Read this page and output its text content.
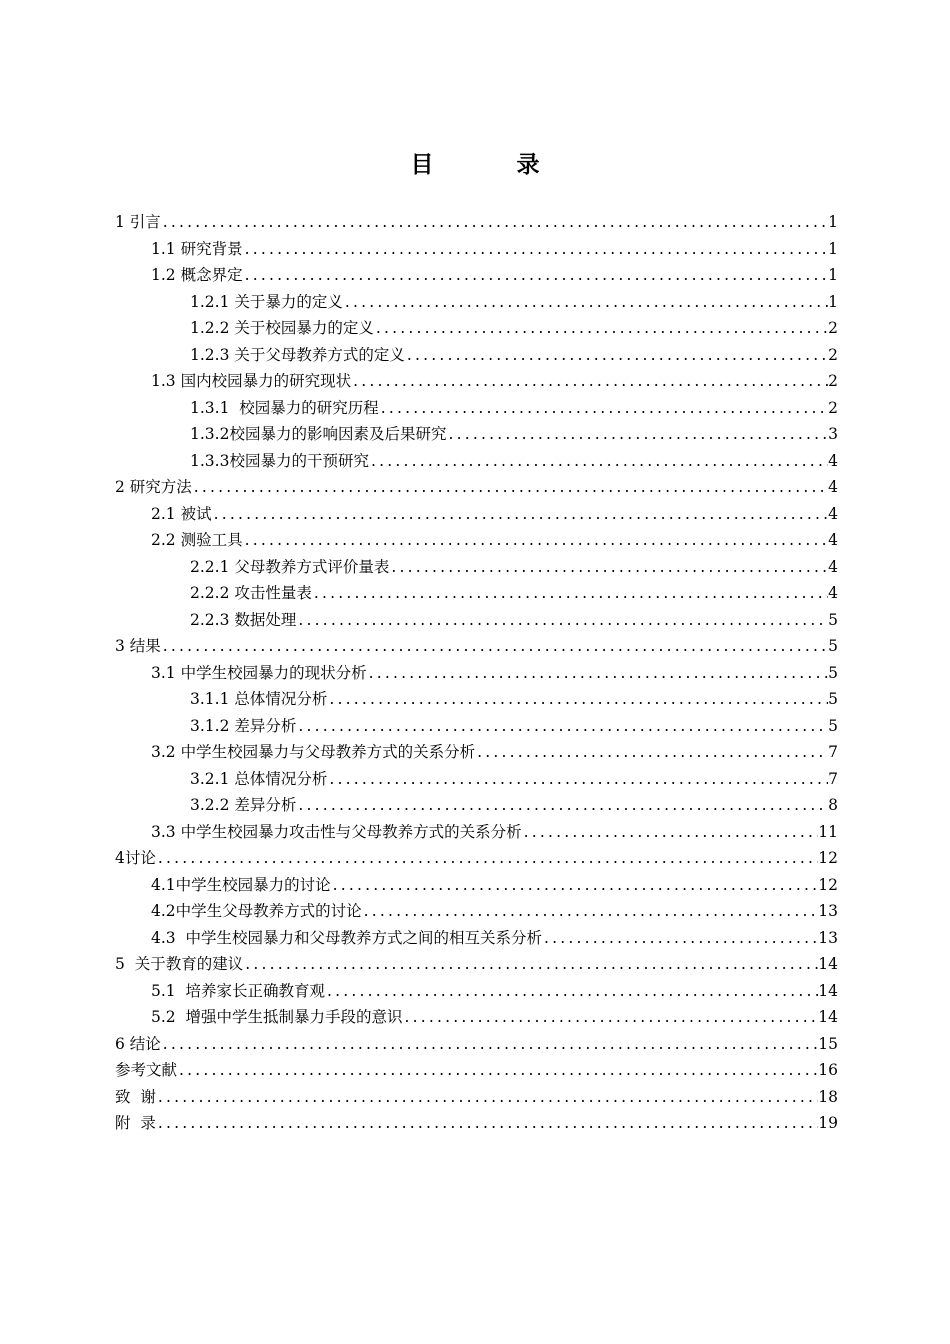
目　录
1 引言 .....	1
1.1 研究背景 .....	1
1.2 概念界定 .....	1
1.2.1 关于暴力的定义 .....	1
1.2.2 关于校园暴力的定义 .....	2
1.2.3 关于父母教养方式的定义 .....	2
1.3 国内校园暴力的研究现状 .....	2
1.3.1  校园暴力的研究历程 .....	2
1.3.2校园暴力的影响因素及后果研究 .....	3
1.3.3校园暴力的干预研究 .....	4
2 研究方法 .....	4
2.1 被试 .....	4
2.2 测验工具 .....	4
2.2.1 父母教养方式评价量表 .....	4
2.2.2 攻击性量表 .....	4
2.2.3 数据处理 .....	5
3 结果 .....	5
3.1 中学生校园暴力的现状分析 .....	5
3.1.1 总体情况分析 .....	5
3.1.2 差异分析 .....	5
3.2 中学生校园暴力与父母教养方式的关系分析 .....	7
3.2.1 总体情况分析 .....	7
3.2.2 差异分析 .....	8
3.3 中学生校园暴力攻击性与父母教养方式的关系分析 .....	11
4讨论 .....	12
4.1中学生校园暴力的讨论 .....	12
4.2中学生父母教养方式的讨论 .....	13
4.3  中学生校园暴力和父母教养方式之间的相互关系分析 .....	13
5  关于教育的建议 .....	14
5.1  培养家长正确教育观 .....	14
5.2  增强中学生抵制暴力手段的意识 .....	14
6 结论 .....	15
参考文献 .....	16
致  谢 .....	18
附  录 .....	19
